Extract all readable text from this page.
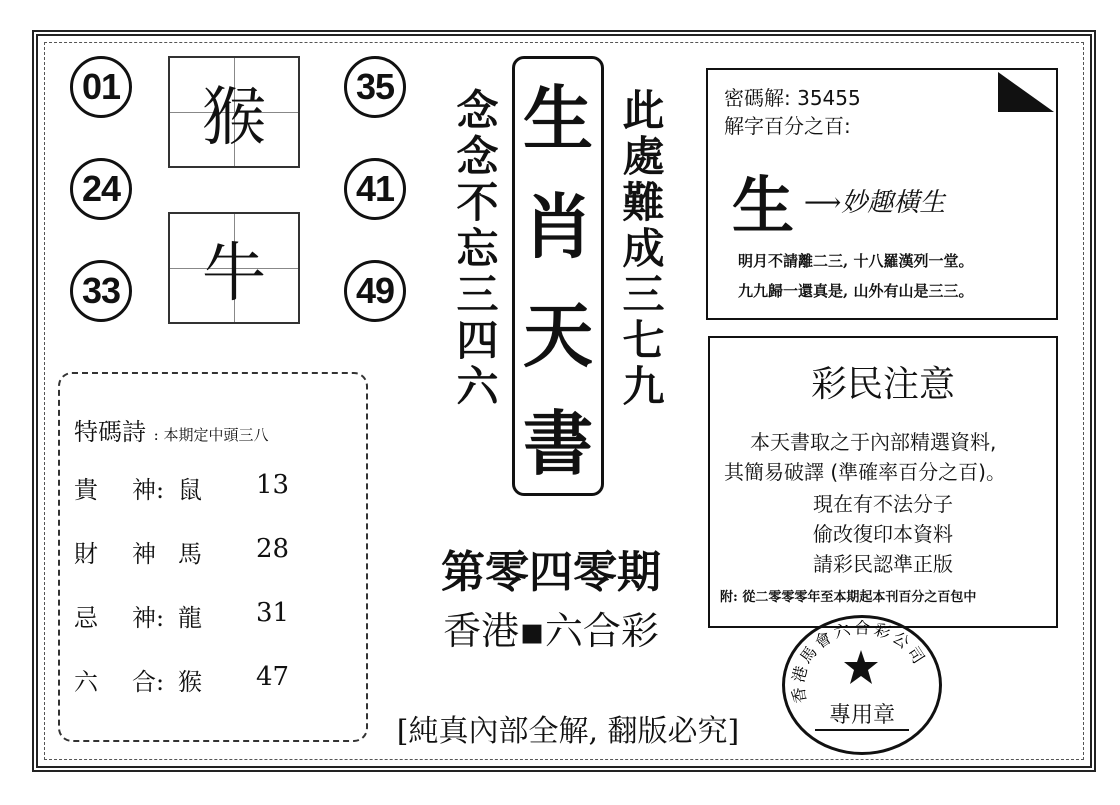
01
24
33
35
41
49
猴
牛	念念不忘三四六	此處難成三七九
生
肖
天
書
第零四零期
香港▪六合彩
[純真內部全解, 翻版必究]
密碼解: 35455
解字百分之百:
生 ⟶妙趣橫生
明月不請離二三, 十八羅漢列一堂。
九九歸一還真是, 山外有山是三三。
彩民注意
本天書取之于內部精選資料,
其簡易破譯 (準確率百分之百)。
現在有不法分子
偷改復印本資料
請彩民認準正版
附: 從二零零零年至本期起本刊百分之百包中
特碼詩 : 本期定中頭三八
貴 神: 鼠 13
財 神 馬 28
忌 神: 龍 31
六 合: 猴 47
香港馬會六合彩公司
專用章
